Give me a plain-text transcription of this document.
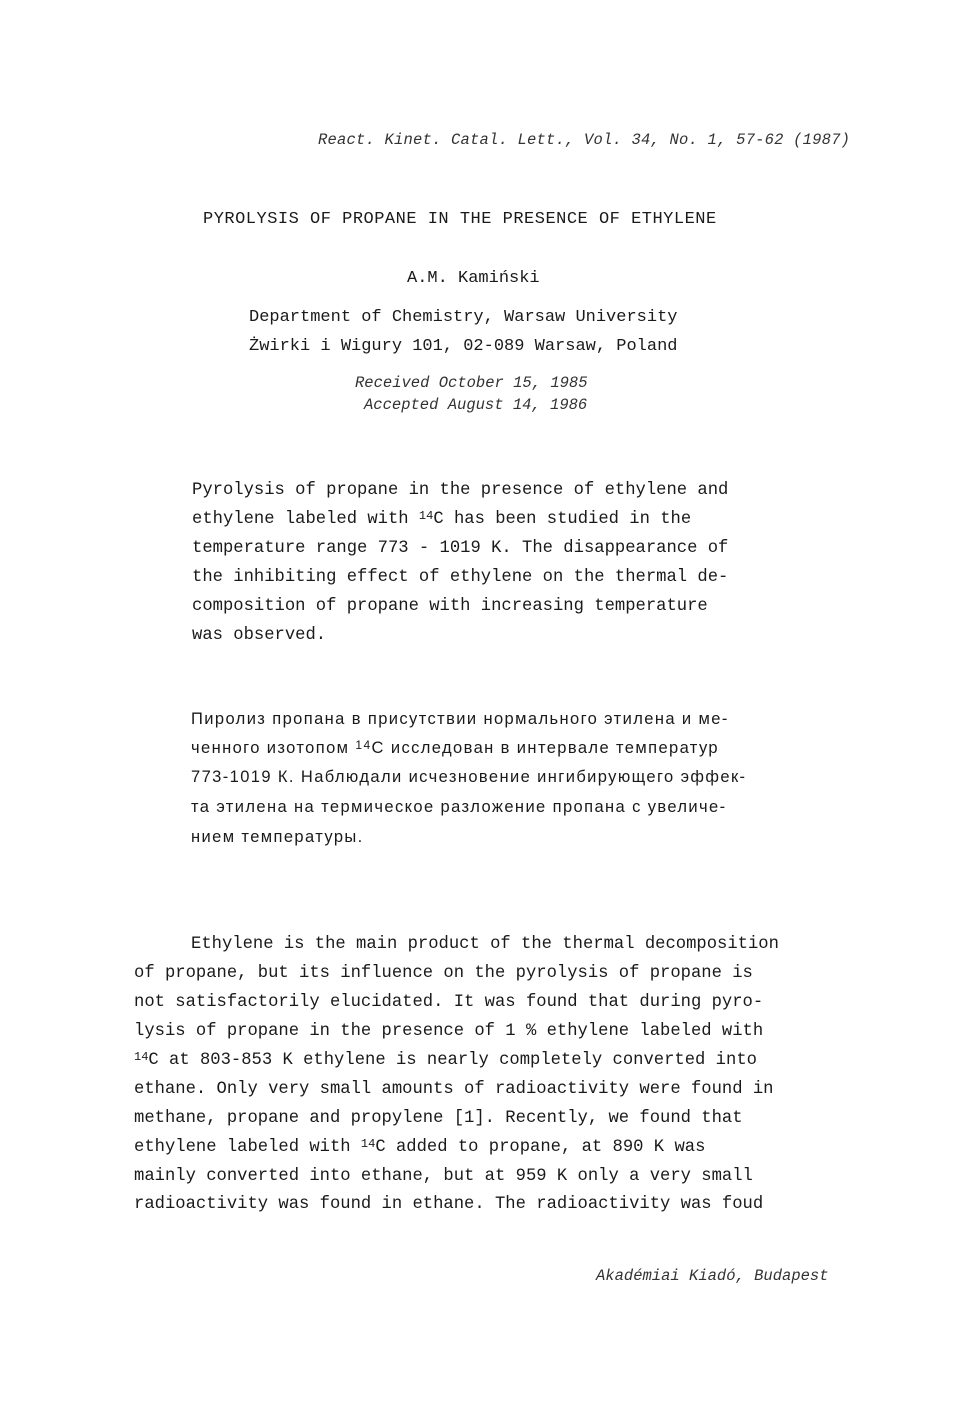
React. Kinet. Catal. Lett., Vol. 34, No. 1, 57-62 (1987)
PYROLYSIS OF PROPANE IN THE PRESENCE OF ETHYLENE
A.M. Kamiński
Department of Chemistry, Warsaw University
Żwirki i Wigury 101, 02-089 Warsaw, Poland
Received October 15, 1985
Accepted August 14, 1986
Pyrolysis of propane in the presence of ethylene and
ethylene labeled with $^{14}$C has been studied in the
temperature range 773 - 1019 K. The disappearance of
the inhibiting effect of ethylene on the thermal de-
composition of propane with increasing temperature
was observed.
Пиролиз пропана в присутствии нормального этилена и ме-
ченного изотопом $^{14}$С исследован в интервале температур
773-1019 К. Наблюдали исчезновение ингибирующего эффек-
та этилена на термическое разложение пропана с увеличе-
нием температуры.
Ethylene is the main product of the thermal decomposition
of propane, but its influence on the pyrolysis of propane is
not satisfactorily elucidated. It was found that during pyro-
lysis of propane in the presence of 1 % ethylene labeled with
$^{14}$C at 803-853 K ethylene is nearly completely converted into
ethane. Only very small amounts of radioactivity were found in
methane, propane and propylene [1]. Recently, we found that
ethylene labeled with $^{14}$C added to propane, at 890 K was
mainly converted into ethane, but at 959 K only a very small
radioactivity was found in ethane. The radioactivity was foud
Akadémiai Kiadó, Budapest
